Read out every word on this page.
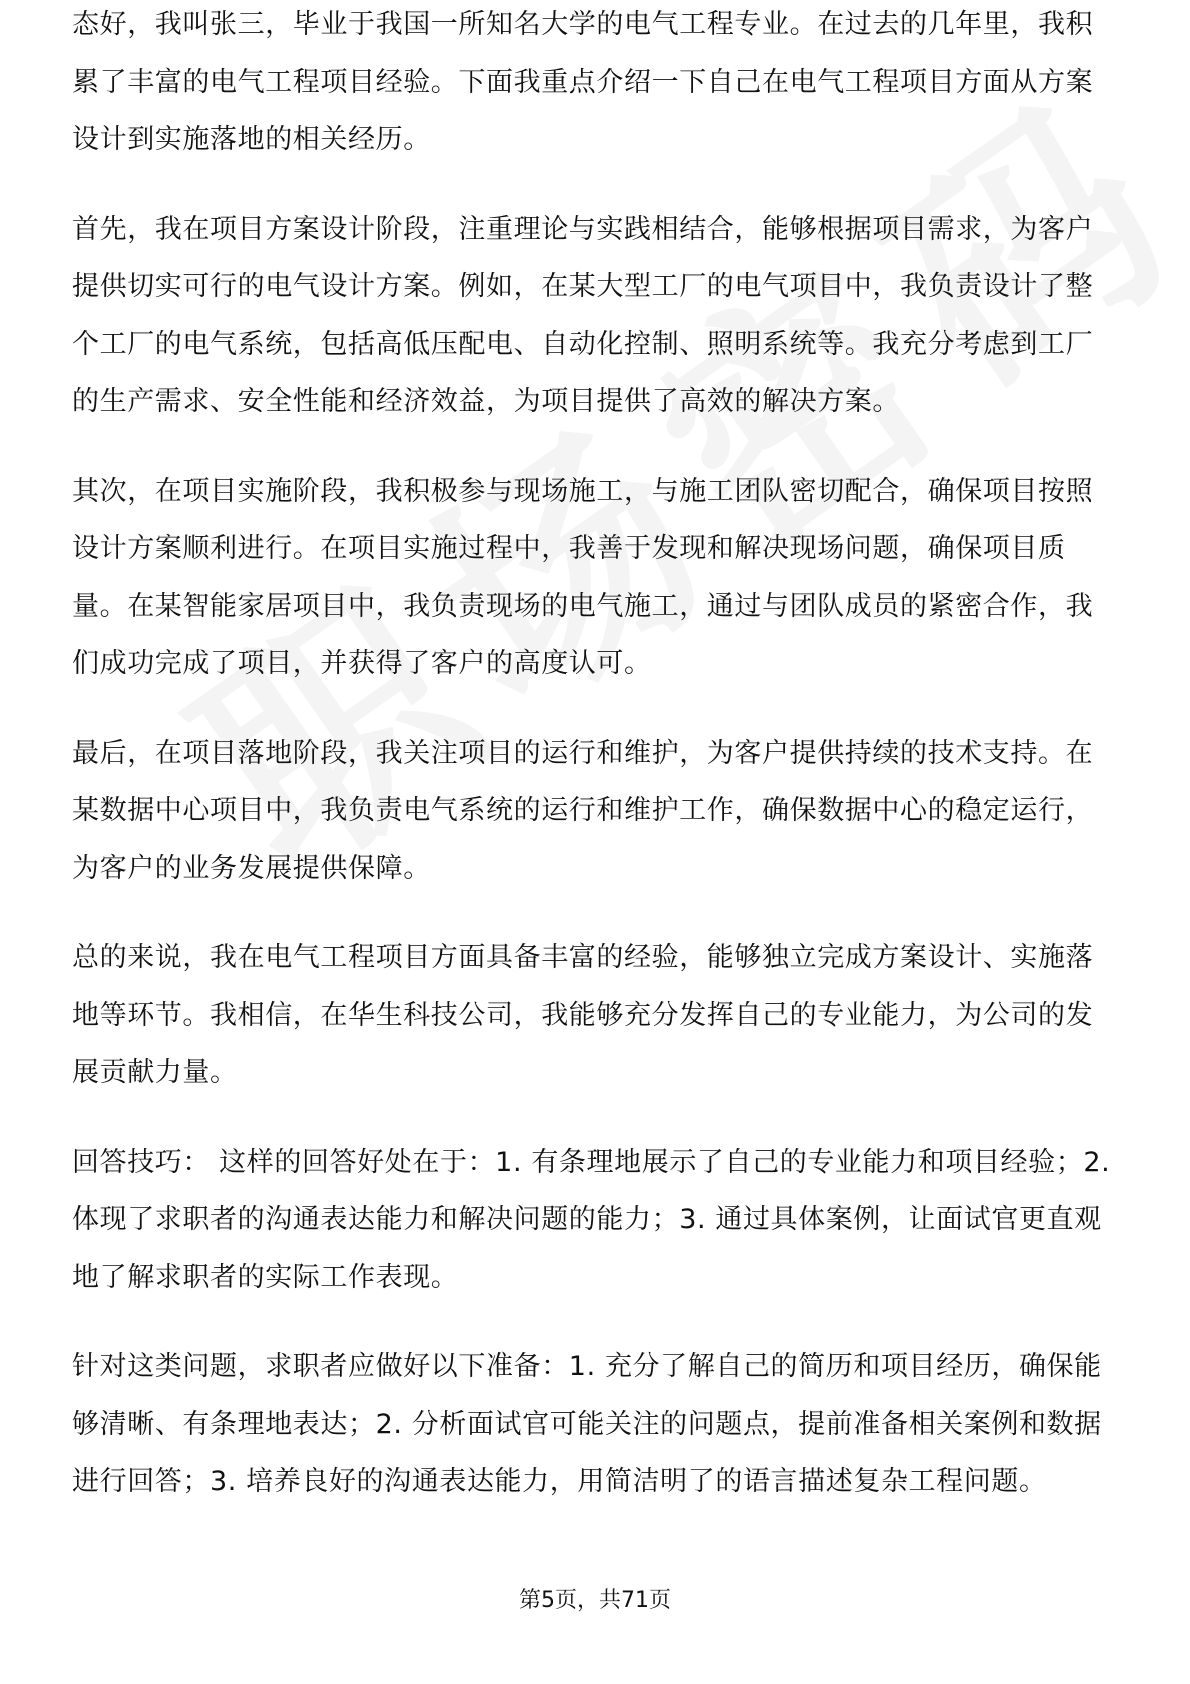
态好，我叫张三，毕业于我国一所知名大学的电气工程专业。在过去的几年里，我积累了丰富的电气工程项目经验。下面我重点介绍一下自己在电气工程项目方面从方案设计到实施落地的相关经历。

首先，我在项目方案设计阶段，注重理论与实践相结合，能够根据项目需求，为客户提供切实可行的电气设计方案。例如，在某大型工厂的电气项目中，我负责设计了整个工厂的电气系统，包括高低压配电、自动化控制、照明系统等。我充分考虑到工厂的生产需求、安全性能和经济效益，为项目提供了高效的解决方案。

其次，在项目实施阶段，我积极参与现场施工，与施工团队密切配合，确保项目按照设计方案顺利进行。在项目实施过程中，我善于发现和解决现场问题，确保项目质量。在某智能家居项目中，我负责现场的电气施工，通过与团队成员的紧密合作，我们成功完成了项目，并获得了客户的高度认可。

最后，在项目落地阶段，我关注项目的运行和维护，为客户提供持续的技术支持。在某数据中心项目中，我负责电气系统的运行和维护工作，确保数据中心的稳定运行，为客户的业务发展提供保障。

总的来说，我在电气工程项目方面具备丰富的经验，能够独立完成方案设计、实施落地等环节。我相信，在华生科技公司，我能够充分发挥自己的专业能力，为公司的发展贡献力量。

回答技巧： 这样的回答好处在于：1. 有条理地展示了自己的专业能力和项目经验；2. 体现了求职者的沟通表达能力和解决问题的能力；3. 通过具体案例，让面试官更直观地了解求职者的实际工作表现。

针对这类问题，求职者应做好以下准备：1. 充分了解自己的简历和项目经历，确保能够清晰、有条理地表达；2. 分析面试官可能关注的问题点，提前准备相关案例和数据进行回答；3. 培养良好的沟通表达能力，用简洁明了的语言描述复杂工程问题。

第5页，共71页
